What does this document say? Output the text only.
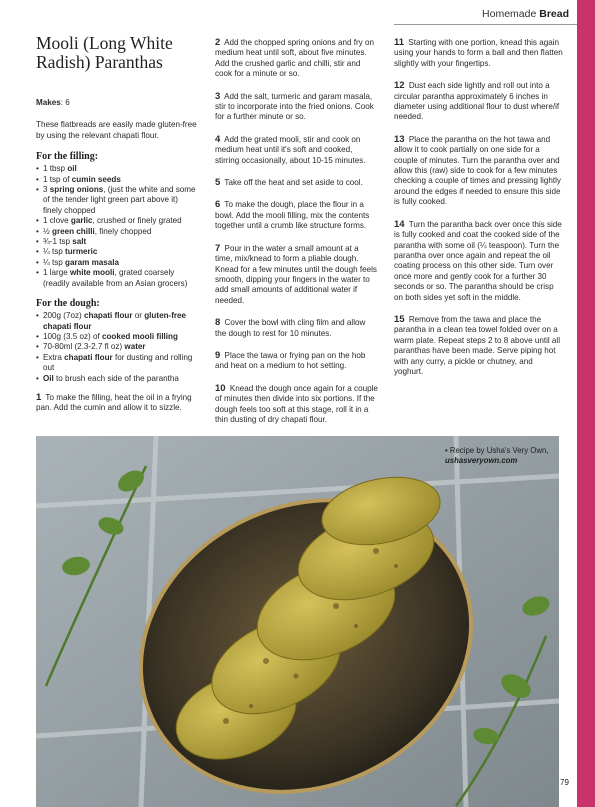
Homemade Bread
Mooli (Long White
Radish) Paranthas

Makes: 6

These flatbreads are easily made gluten-free by using the relevant chapati flour.

For the filling:
• 1 tbsp oil
• 1 tsp of cumin seeds
• 3 spring onions, (just the white and some of the tender light green part above it) finely chopped
• 1 clove garlic, crushed or finely grated
• ½ green chilli, finely chopped
• ¾-1 tsp salt
• ¼ tsp turmeric
• ¼ tsp garam masala
• 1 large white mooli, grated coarsely (readily available from an Asian grocers)
For the dough:
• 200g (7oz) chapati flour or gluten-free chapati flour
• 100g (3.5 oz) of cooked mooli filling
• 70-80ml (2.3-2.7 fl oz) water
• Extra chapati flour for dusting and rolling out
• Oil to brush each side of the parantha

1 To make the filling, heat the oil in a frying pan. Add the cumin and allow it to sizzle.

2 Add the chopped spring onions and fry on medium heat until soft, about five minutes. Add the crushed garlic and chilli, stir and cook for a minute or so.

3 Add the salt, turmeric and garam masala, stir to incorporate into the fried onions. Cook for a further minute or so.

4 Add the grated mooli, stir and cook on medium heat until it's soft and cooked, stirring occasionally, about 10-15 minutes.

5 Take off the heat and set aside to cool.

6 To make the dough, place the flour in a bowl. Add the mooli filling, mix the contents together until a crumb like structure forms.

7 Pour in the water a small amount at a time, mix/knead to form a pliable dough. Knead for a few minutes until the dough feels smooth, dipping your fingers in the water to add small amounts of additional water if needed.

8 Cover the bowl with cling film and allow the dough to rest for 10 minutes.

9 Place the tawa or frying pan on the hob and heat on a medium to hot setting.

10 Knead the dough once again for a couple of minutes then divide into six portions. If the dough feels too soft at this stage, roll it in a thin dusting of dry chapati flour.

11 Starting with one portion, knead this again using your hands to form a ball and then flatten slightly with your fingertips.

12 Dust each side lightly and roll out into a circular parantha approximately 6 inches in diameter using additional flour to dust where/if needed.

13 Place the parantha on the hot tawa and allow it to cook partially on one side for a couple of minutes. Turn the parantha over and allow this (raw) side to cook for a few minutes checking a couple of times and pressing lightly around the edges if needed to ensure this side is fully cooked.

14 Turn the parantha back over once this side is fully cooked and coat the cooked side of the parantha with some oil (¼ teaspoon). Turn the parantha over once again and repeat the oil coating process on this other side. Turn over once more and gently cook for a further 30 seconds or so. The parantha should be crisp on both sides yet soft in the middle.

15 Remove from the tawa and place the parantha in a clean tea towel folded over on a warm plate. Repeat steps 2 to 8 above until all paranthas have been made. Serve piping hot with any curry, a pickle or chutney, and yoghurt.

• Recipe by Usha's Very Own,
ushasveryown.com
79
